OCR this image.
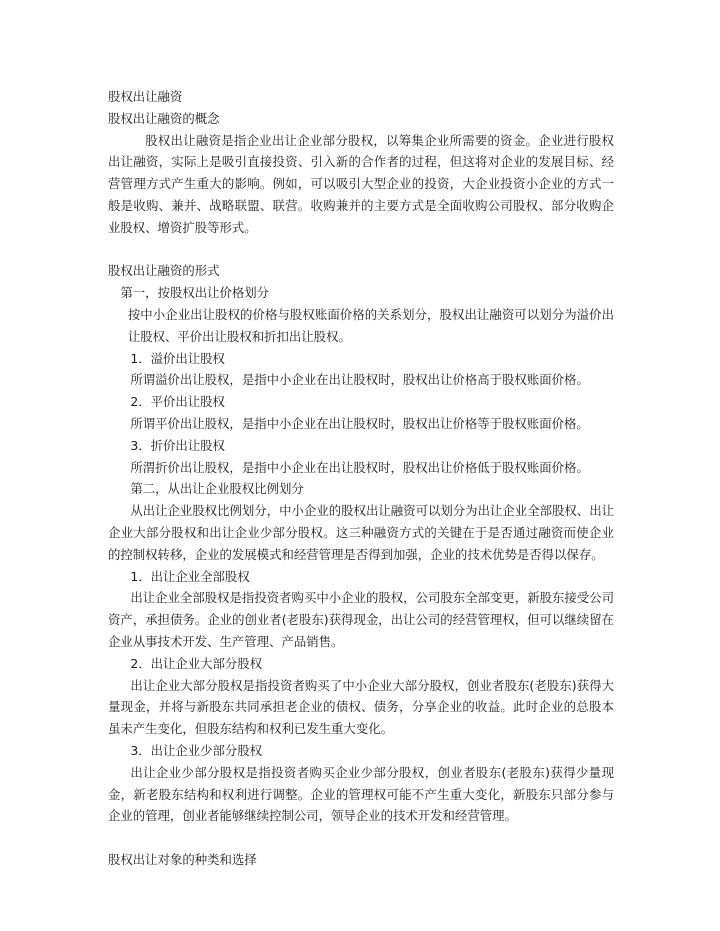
股权出让融资

股权出让融资的概念

股权出让融资是指企业出让企业部分股权，以筹集企业所需要的资金。企业进行股权出让融资，实际上是吸引直接投资、引入新的合作者的过程，但这将对企业的发展目标、经营管理方式产生重大的影响。例如，可以吸引大型企业的投资，大企业投资小企业的方式一般是收购、兼并、战略联盟、联营。收购兼并的主要方式是全面收购公司股权、部分收购企业股权、增资扩股等形式。

股权出让融资的形式

第一，按股权出让价格划分

按中小企业出让股权的价格与股权账面价格的关系划分，股权出让融资可以划分为溢价出让股权、平价出让股权和折扣出让股权。

1．溢价出让股权

所谓溢价出让股权，是指中小企业在出让股权时，股权出让价格高于股权账面价格。

2．平价出让股权

所谓平价出让股权，是指中小企业在出让股权时，股权出让价格等于股权账面价格。

3．折价出让股权

所渭折价出让股权，是指中小企业在出让股权时，股权出让价格低于股权账面价格。

第二，从出让企业股权比例划分

从出让企业股权比例划分，中小企业的股权出让融资可以划分为出让企业全部股权、出让企业大部分股权和出让企业少部分股权。这三种融资方式的关键在于是否通过融资而使企业的控制权转移，企业的发展模式和经营管理是否得到加强，企业的技术优势是否得以保存。

1．出让企业全部股权

出让企业全部股权是指投资者购买中小企业的股权，公司股东全部变更，新股东接受公司资产，承担债务。企业的创业者(老股东)获得现金，出让公司的经营管理权，但可以继续留在企业从事技术开发、生产管理、产品销售。

2．出让企业大部分股权

出让企业大部分股权是指投资者购买了中小企业大部分股权，创业者股东(老股东)获得大量现金，并将与新股东共同承担老企业的债权、债务，分享企业的收益。此时企业的总股本虽未产生变化，但股东结构和权利已发生重大变化。

3．出让企业少部分股权

出让企业少部分股权是指投资者购买企业少部分股权，创业者股东(老股东)获得少量现金，新老股东结构和权利进行调整。企业的管理权可能不产生重大变化，新股东只部分参与企业的管理，创业者能够继续控制公司，领导企业的技术开发和经营管理。

股权出让对象的种类和选择
